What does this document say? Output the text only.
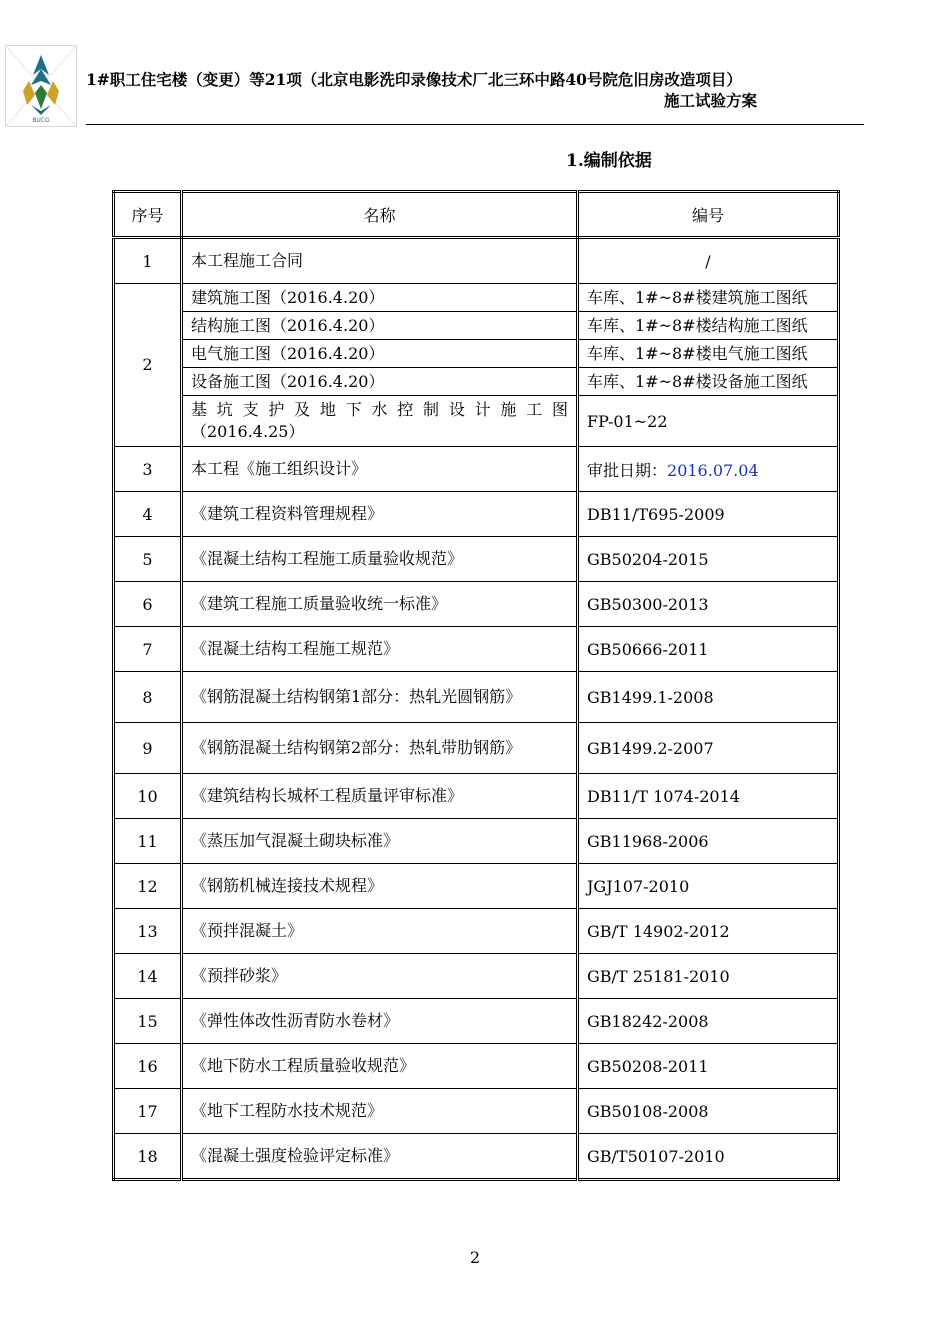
BUCG
1#职工住宅楼（变更）等21项（北京电影洗印录像技术厂北三环中路40号院危旧房改造项目）
施工试验方案
1.编制依据
序号	名称	编号
1	本工程施工合同	/
2	建筑施工图（2016.4.20）	车库、1#~8#楼建筑施工图纸
	结构施工图（2016.4.20）	车库、1#~8#楼结构施工图纸
	电气施工图（2016.4.20）	车库、1#~8#楼电气施工图纸
	设备施工图（2016.4.20）	车库、1#~8#楼设备施工图纸

	基坑支护及地下水控制设计施工图
（2016.4.25）	FP-01~22
3	本工程《施工组织设计》	审批日期：2016.07.04
4	《建筑工程资料管理规程》	DB11/T695-2009
5	《混凝土结构工程施工质量验收规范》	GB50204-2015
6	《建筑工程施工质量验收统一标准》	GB50300-2013
7	《混凝土结构工程施工规范》	GB50666-2011
8	《钢筋混凝土结构钢第1部分：热轧光圆钢筋》	GB1499.1-2008
9	《钢筋混凝土结构钢第2部分：热轧带肋钢筋》	GB1499.2-2007
10	《建筑结构长城杯工程质量评审标准》	DB11/T 1074-2014
11	《蒸压加气混凝土砌块标准》	GB11968-2006
12	《钢筋机械连接技术规程》	JGJ107-2010
13	《预拌混凝土》	GB/T 14902-2012
14	《预拌砂浆》	GB/T 25181-2010
15	《弹性体改性沥青防水卷材》	GB18242-2008
16	《地下防水工程质量验收规范》	GB50208-2011
17	《地下工程防水技术规范》	GB50108-2008
18	《混凝土强度检验评定标准》	GB/T50107-2010
2
